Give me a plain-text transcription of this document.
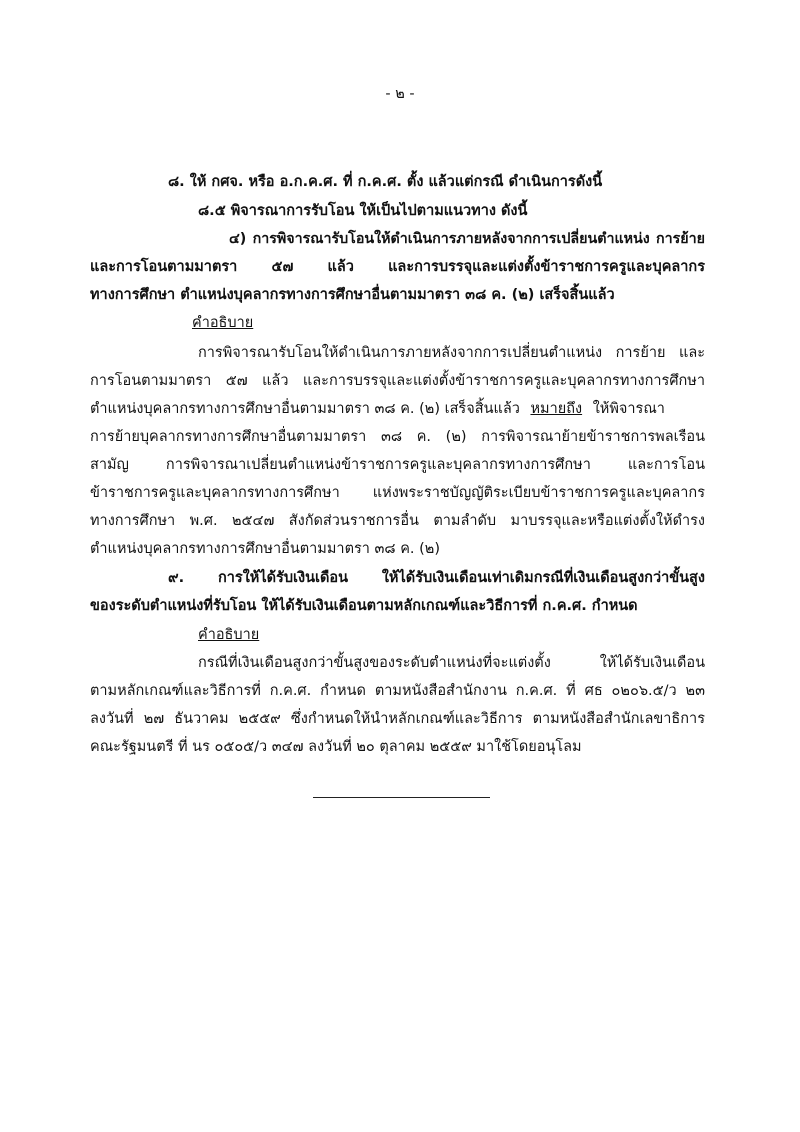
- ๒ -
๘. ให้ กศจ. หรือ อ.ก.ค.ศ. ที่ ก.ค.ศ. ตั้ง แล้วแต่กรณี ดำเนินการดังนี้
๘.๕ พิจารณาการรับโอน ให้เป็นไปตามแนวทาง ดังนี้
๔) การพิจารณารับโอนให้ดำเนินการภายหลังจากการเปลี่ยนตำแหน่ง การย้าย
และการโอนตามมาตรา ๕๗ แล้ว และการบรรจุและแต่งตั้งข้าราชการครูและบุคลากร
ทางการศึกษา ตำแหน่งบุคลากรทางการศึกษาอื่นตามมาตรา ๓๘ ค. (๒) เสร็จสิ้นแล้ว
คำอธิบาย
การพิจารณารับโอนให้ดำเนินการภายหลังจากการเปลี่ยนตำแหน่ง การย้าย และ
การโอนตามมาตรา ๕๗ แล้ว และการบรรจุและแต่งตั้งข้าราชการครูและบุคลากรทางการศึกษา
ตำแหน่งบุคลากรทางการศึกษาอื่นตามมาตรา ๓๘ ค. (๒) เสร็จสิ้นแล้ว หมายถึง ให้พิจารณา
การย้ายบุคลากรทางการศึกษาอื่นตามมาตรา ๓๘ ค. (๒) การพิจารณาย้ายข้าราชการพลเรือน
สามัญ การพิจารณาเปลี่ยนตำแหน่งข้าราชการครูและบุคลากรทางการศึกษา และการโอน
ข้าราชการครูและบุคลากรทางการศึกษา แห่งพระราชบัญญัติระเบียบข้าราชการครูและบุคลากร
ทางการศึกษา พ.ศ. ๒๕๔๗ สังกัดส่วนราชการอื่น ตามลำดับ มาบรรจุและหรือแต่งตั้งให้ดำรง
ตำแหน่งบุคลากรทางการศึกษาอื่นตามมาตรา ๓๘ ค. (๒)
๙. การให้ได้รับเงินเดือน ให้ได้รับเงินเดือนเท่าเดิมกรณีที่เงินเดือนสูงกว่าขั้นสูง
ของระดับตำแหน่งที่รับโอน ให้ได้รับเงินเดือนตามหลักเกณฑ์และวิธีการที่ ก.ค.ศ. กำหนด
คำอธิบาย
กรณีที่เงินเดือนสูงกว่าขั้นสูงของระดับตำแหน่งที่จะแต่งตั้ง ให้ได้รับเงินเดือน
ตามหลักเกณฑ์และวิธีการที่ ก.ค.ศ. กำหนด ตามหนังสือสำนักงาน ก.ค.ศ. ที่ ศธ ๐๒๐๖.๕/ว ๒๓
ลงวันที่ ๒๗ ธันวาคม ๒๕๕๙ ซึ่งกำหนดให้นำหลักเกณฑ์และวิธีการ ตามหนังสือสำนักเลขาธิการ
คณะรัฐมนตรี ที่ นร ๐๕๐๕/ว ๓๔๗ ลงวันที่ ๒๐ ตุลาคม ๒๕๕๙ มาใช้โดยอนุโลม
